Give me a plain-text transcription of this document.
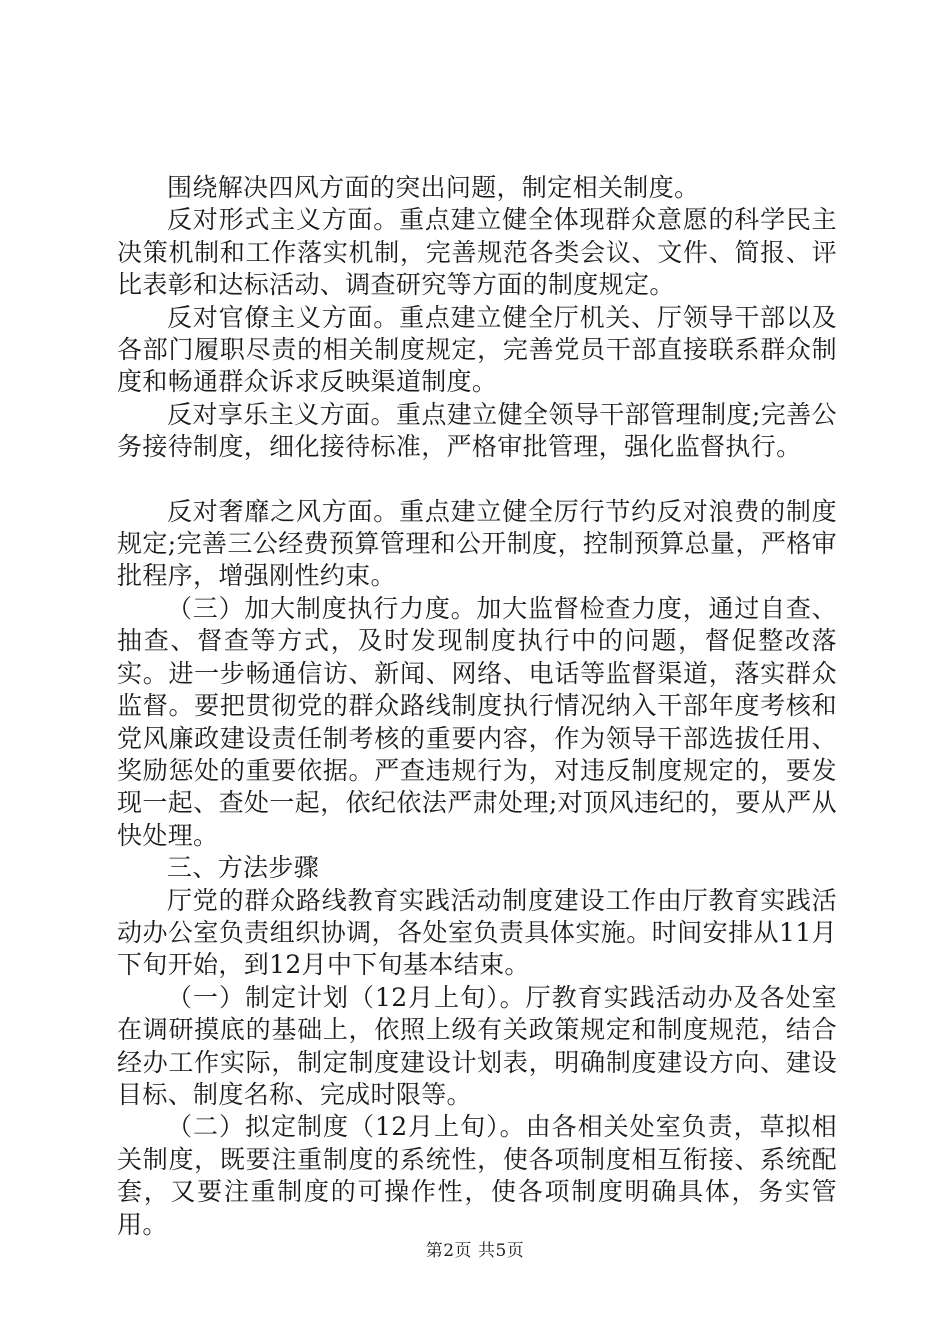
围绕解决四风方面的突出问题，制定相关制度。

反对形式主义方面。重点建立健全体现群众意愿的科学民主决策机制和工作落实机制，完善规范各类会议、文件、简报、评比表彰和达标活动、调查研究等方面的制度规定。

反对官僚主义方面。重点建立健全厅机关、厅领导干部以及各部门履职尽责的相关制度规定，完善党员干部直接联系群众制度和畅通群众诉求反映渠道制度。

反对享乐主义方面。重点建立健全领导干部管理制度;完善公务接待制度，细化接待标准，严格审批管理，强化监督执行。

反对奢靡之风方面。重点建立健全厉行节约反对浪费的制度规定;完善三公经费预算管理和公开制度，控制预算总量，严格审批程序，增强刚性约束。

（三）加大制度执行力度。加大监督检查力度，通过自查、抽查、督查等方式，及时发现制度执行中的问题，督促整改落实。进一步畅通信访、新闻、网络、电话等监督渠道，落实群众监督。要把贯彻党的群众路线制度执行情况纳入干部年度考核和党风廉政建设责任制考核的重要内容，作为领导干部选拔任用、奖励惩处的重要依据。严查违规行为，对违反制度规定的，要发现一起、查处一起，依纪依法严肃处理;对顶风违纪的，要从严从快处理。

三、方法步骤

厅党的群众路线教育实践活动制度建设工作由厅教育实践活动办公室负责组织协调，各处室负责具体实施。时间安排从11月下旬开始，到12月中下旬基本结束。

（一）制定计划（12月上旬）。厅教育实践活动办及各处室在调研摸底的基础上，依照上级有关政策规定和制度规范，结合经办工作实际，制定制度建设计划表，明确制度建设方向、建设目标、制度名称、完成时限等。

（二）拟定制度（12月上旬）。由各相关处室负责，草拟相关制度，既要注重制度的系统性，使各项制度相互衔接、系统配套，又要注重制度的可操作性，使各项制度明确具体，务实管用。

第2页 共5页
